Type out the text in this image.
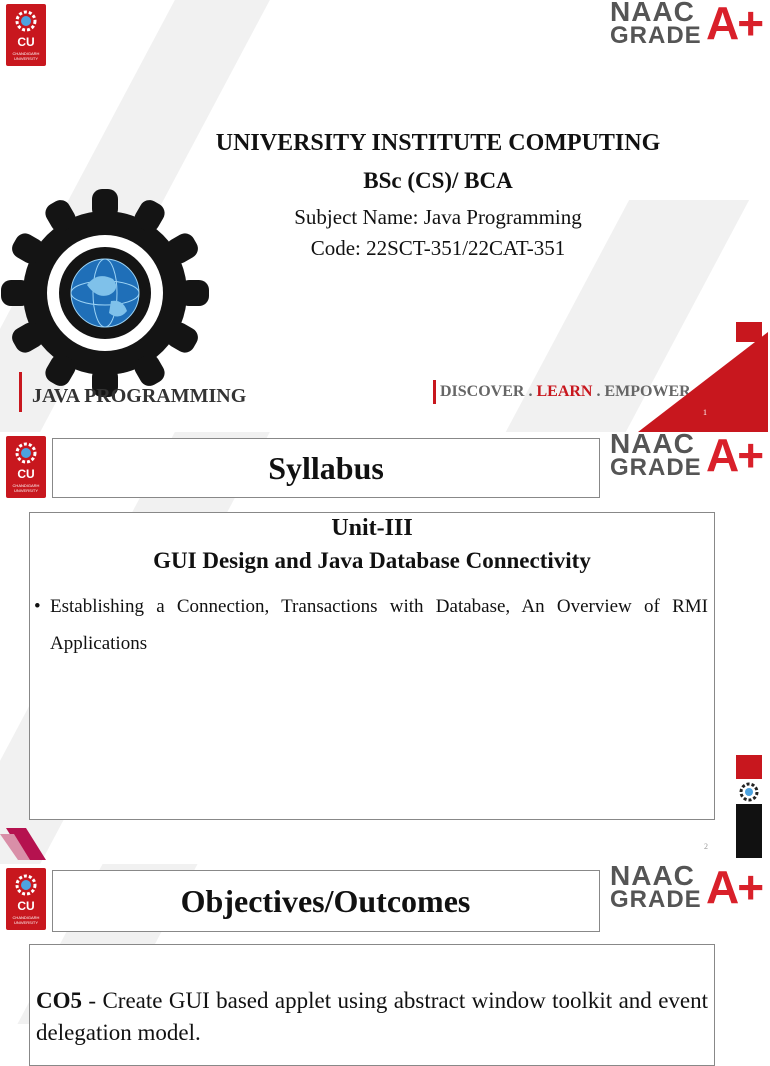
CU
CHANDIGARH UNIVERSITY
NAAC
GRADE A+
UNIVERSITY INSTITUTE COMPUTING
BSc (CS)/ BCA
Subject Name: Java Programming
Code: 22SCT-351/22CAT-351
JAVA PROGRAMMING	DISCOVER . LEARN . EMPOWER
1
CU
CHANDIGARH UNIVERSITY
Syllabus
NAAC
GRADE A+
Unit-III
GUI Design and Java Database Connectivity
• Establishing a Connection, Transactions with Database, An Overview of RMI Applications
2
CU
CHANDIGARH UNIVERSITY
Objectives/Outcomes
NAAC
GRADE A+
CO5 - Create GUI based applet using abstract window toolkit and event delegation model.
